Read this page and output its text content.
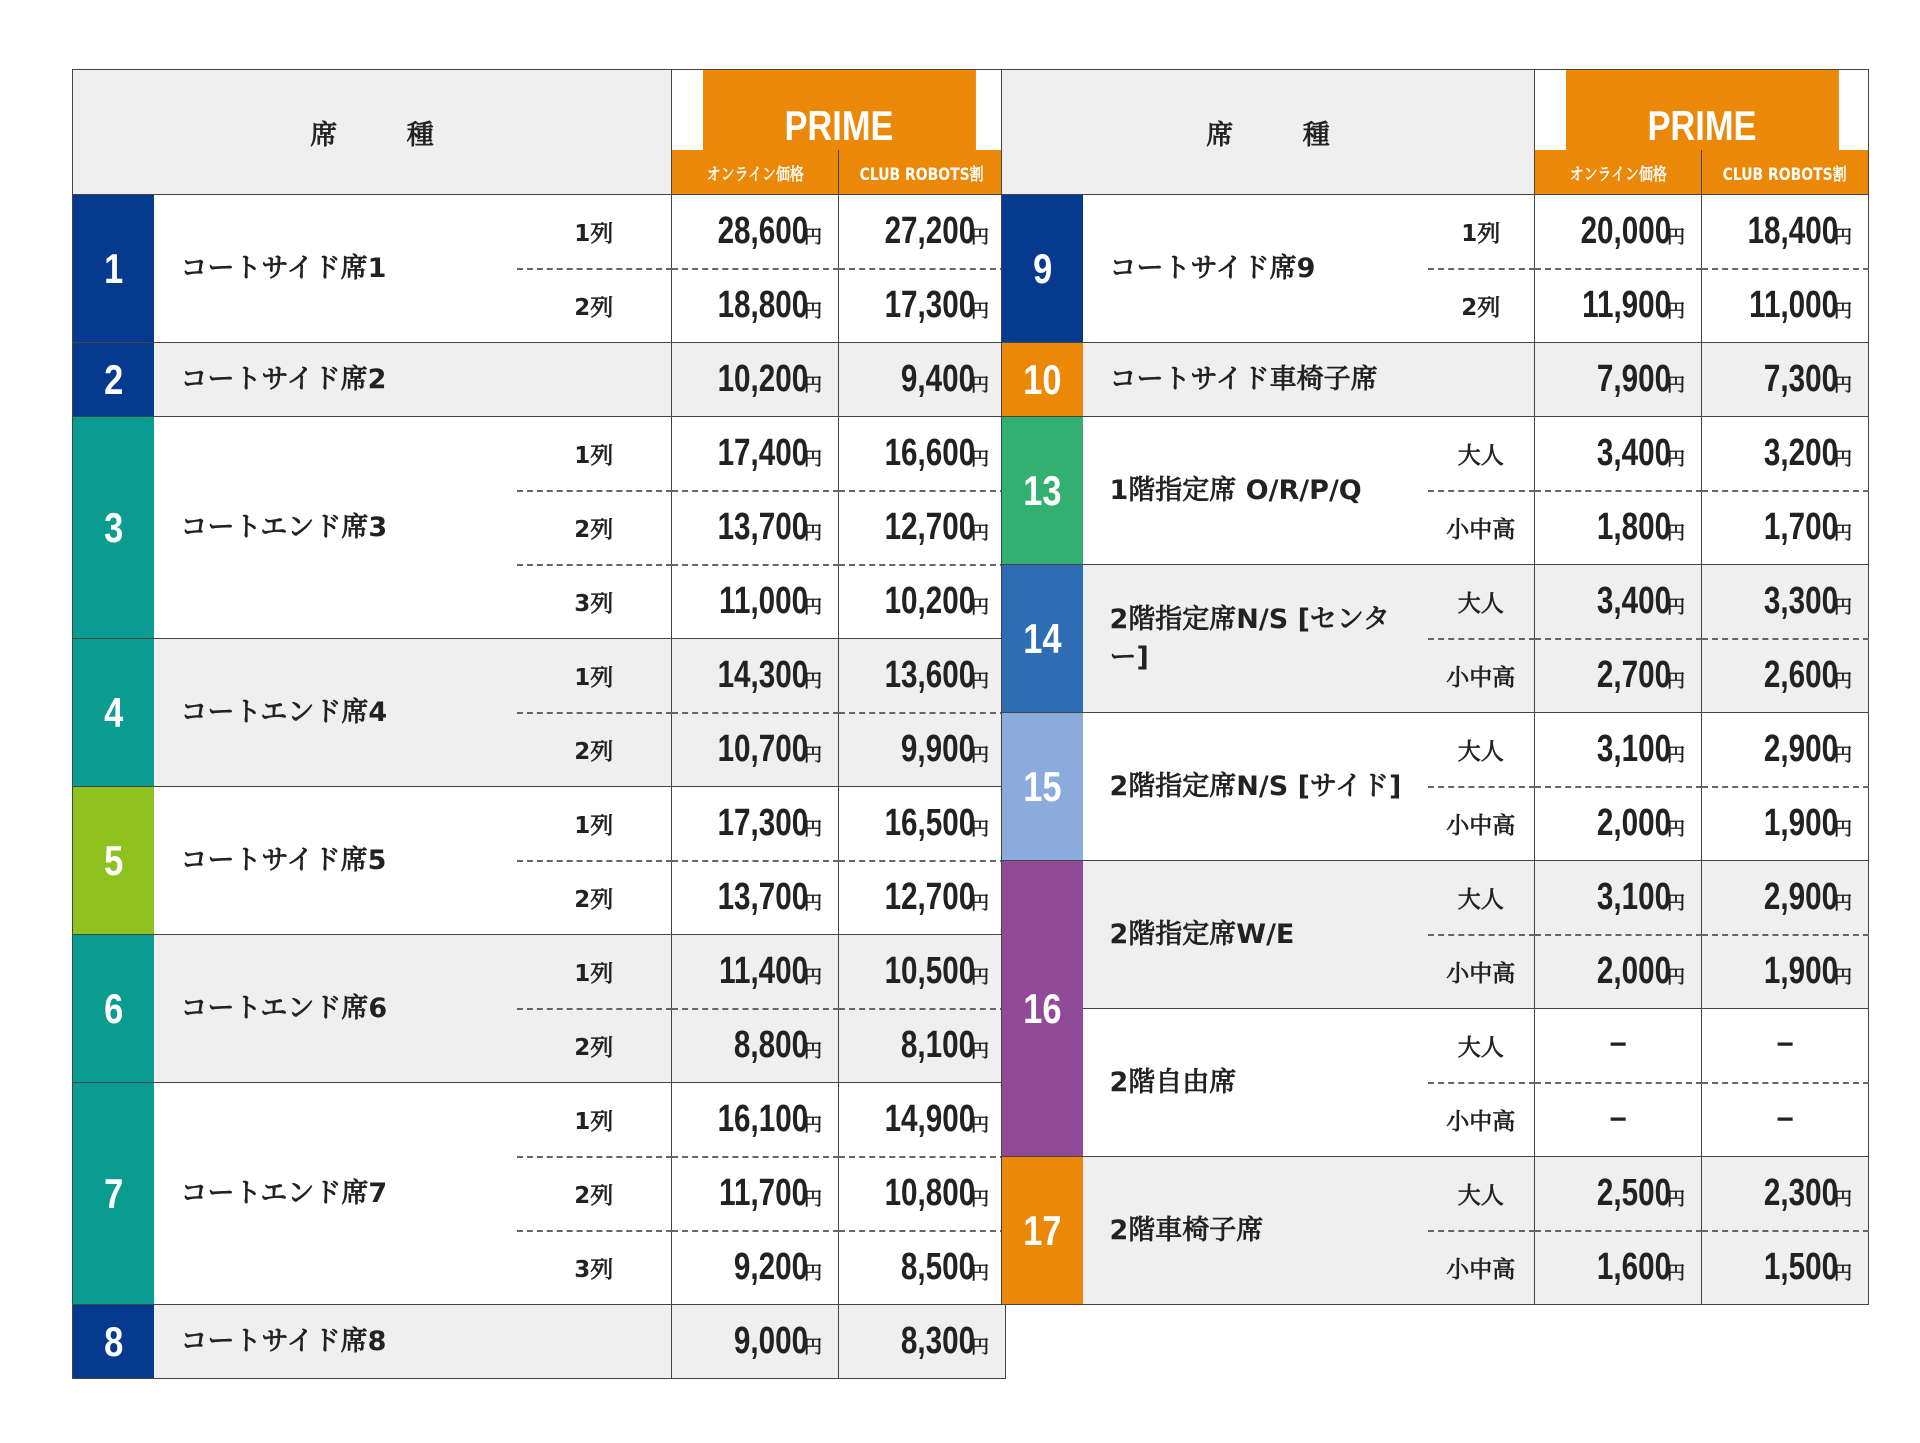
席 種			PRIME	
			オンライン価格	CLUB ROBOTS割
1	コートサイド席1	1列	28,600円	27,200円
		2列	18,800円	17,300円
2	コートサイド席2		10,200円	9,400円
3	コートエンド席3	1列	17,400円	16,600円
		2列	13,700円	12,700円
		3列	11,000円	10,200円
4	コートエンド席4	1列	14,300円	13,600円
		2列	10,700円	9,900円
5	コートサイド席5	1列	17,300円	16,500円
		2列	13,700円	12,700円
6	コートエンド席6	1列	11,400円	10,500円
		2列	8,800円	8,100円
7	コートエンド席7	1列	16,100円	14,900円
		2列	11,700円	10,800円
		3列	9,200円	8,500円
8	コートサイド席8		9,000円	8,300円
席 種			PRIME	
			オンライン価格	CLUB ROBOTS割
9	コートサイド席9	1列	20,000円	18,400円
		2列	11,900円	11,000円
10	コートサイド車椅子席		7,900円	7,300円
13	1階指定席 O/R/P/Q	大人	3,400円	3,200円
		小中高	1,800円	1,700円
14	2階指定席N/S [センター]	大人	3,400円	3,300円
		小中高	2,700円	2,600円
15	2階指定席N/S [サイド]	大人	3,100円	2,900円
		小中高	2,000円	1,900円
16	2階指定席W/E	大人	3,100円	2,900円
		小中高	2,000円	1,900円
	2階自由席	大人	−	−
		小中高	−	−
17	2階車椅子席	大人	2,500円	2,300円
		小中高	1,600円	1,500円
